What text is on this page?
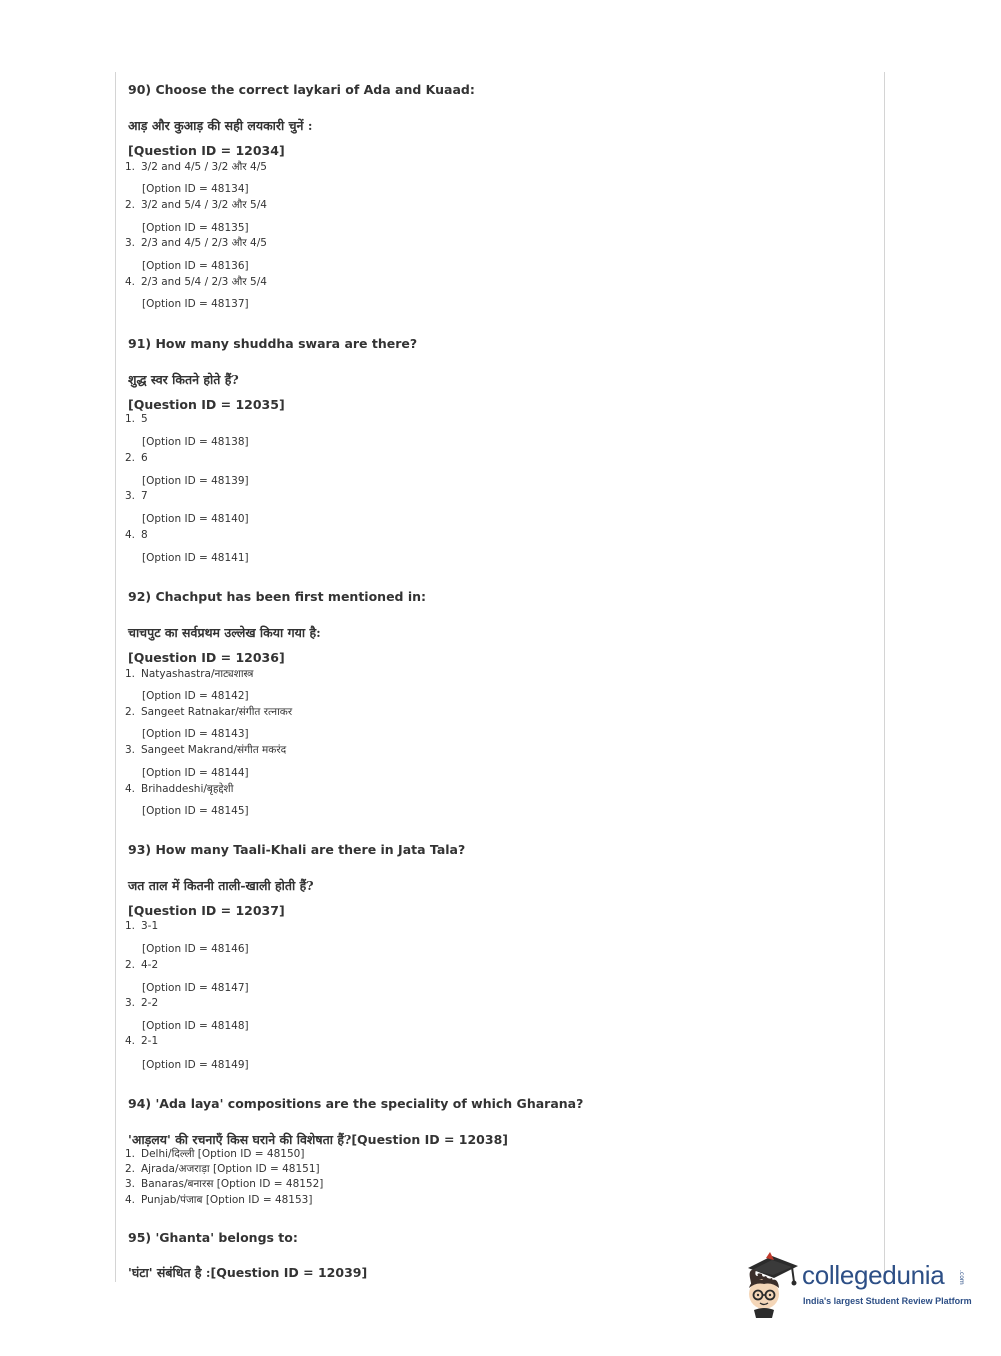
90) Choose the correct laykari of Ada and Kuaad:
आड़ और कुआड़ की सही लयकारी चुनें :
[Question ID = 12034]
1. 3/2 and 4/5 / 3/2 और 4/5
[Option ID = 48134]
2. 3/2 and 5/4 / 3/2 और 5/4
[Option ID = 48135]
3. 2/3 and 4/5 / 2/3 और 4/5
[Option ID = 48136]
4. 2/3 and 5/4 / 2/3 और 5/4
[Option ID = 48137]
91) How many shuddha swara are there?
शुद्ध स्वर कितने होते हैं?
[Question ID = 12035]
1. 5
[Option ID = 48138]
2. 6
[Option ID = 48139]
3. 7
[Option ID = 48140]
4. 8
[Option ID = 48141]
92) Chachput has been first mentioned in:
चाचपुट का सर्वप्रथम उल्लेख किया गया है:
[Question ID = 12036]
1. Natyashastra/नाट्यशास्त्र
[Option ID = 48142]
2. Sangeet Ratnakar/संगीत रत्नाकर
[Option ID = 48143]
3. Sangeet Makrand/संगीत मकरंद
[Option ID = 48144]
4. Brihaddeshi/बृहद्देशी
[Option ID = 48145]
93) How many Taali-Khali are there in Jata Tala?
जत ताल में कितनी ताली-खाली होती हैं?
[Question ID = 12037]
1. 3-1
[Option ID = 48146]
2. 4-2
[Option ID = 48147]
3. 2-2
[Option ID = 48148]
4. 2-1
[Option ID = 48149]
94) 'Ada laya' compositions are the speciality of which Gharana?
'आड़लय' की रचनाएँ किस घराने की विशेषता हैं?[Question ID = 12038]
1. Delhi/दिल्ली [Option ID = 48150]
2. Ajrada/अजराड़ा [Option ID = 48151]
3. Banaras/बनारस [Option ID = 48152]
4. Punjab/पंजाब [Option ID = 48153]
95) 'Ghanta' belongs to:
'घंटा' संबंधित है :[Question ID = 12039]	collegedunia .com
India's largest Student Review Platform
